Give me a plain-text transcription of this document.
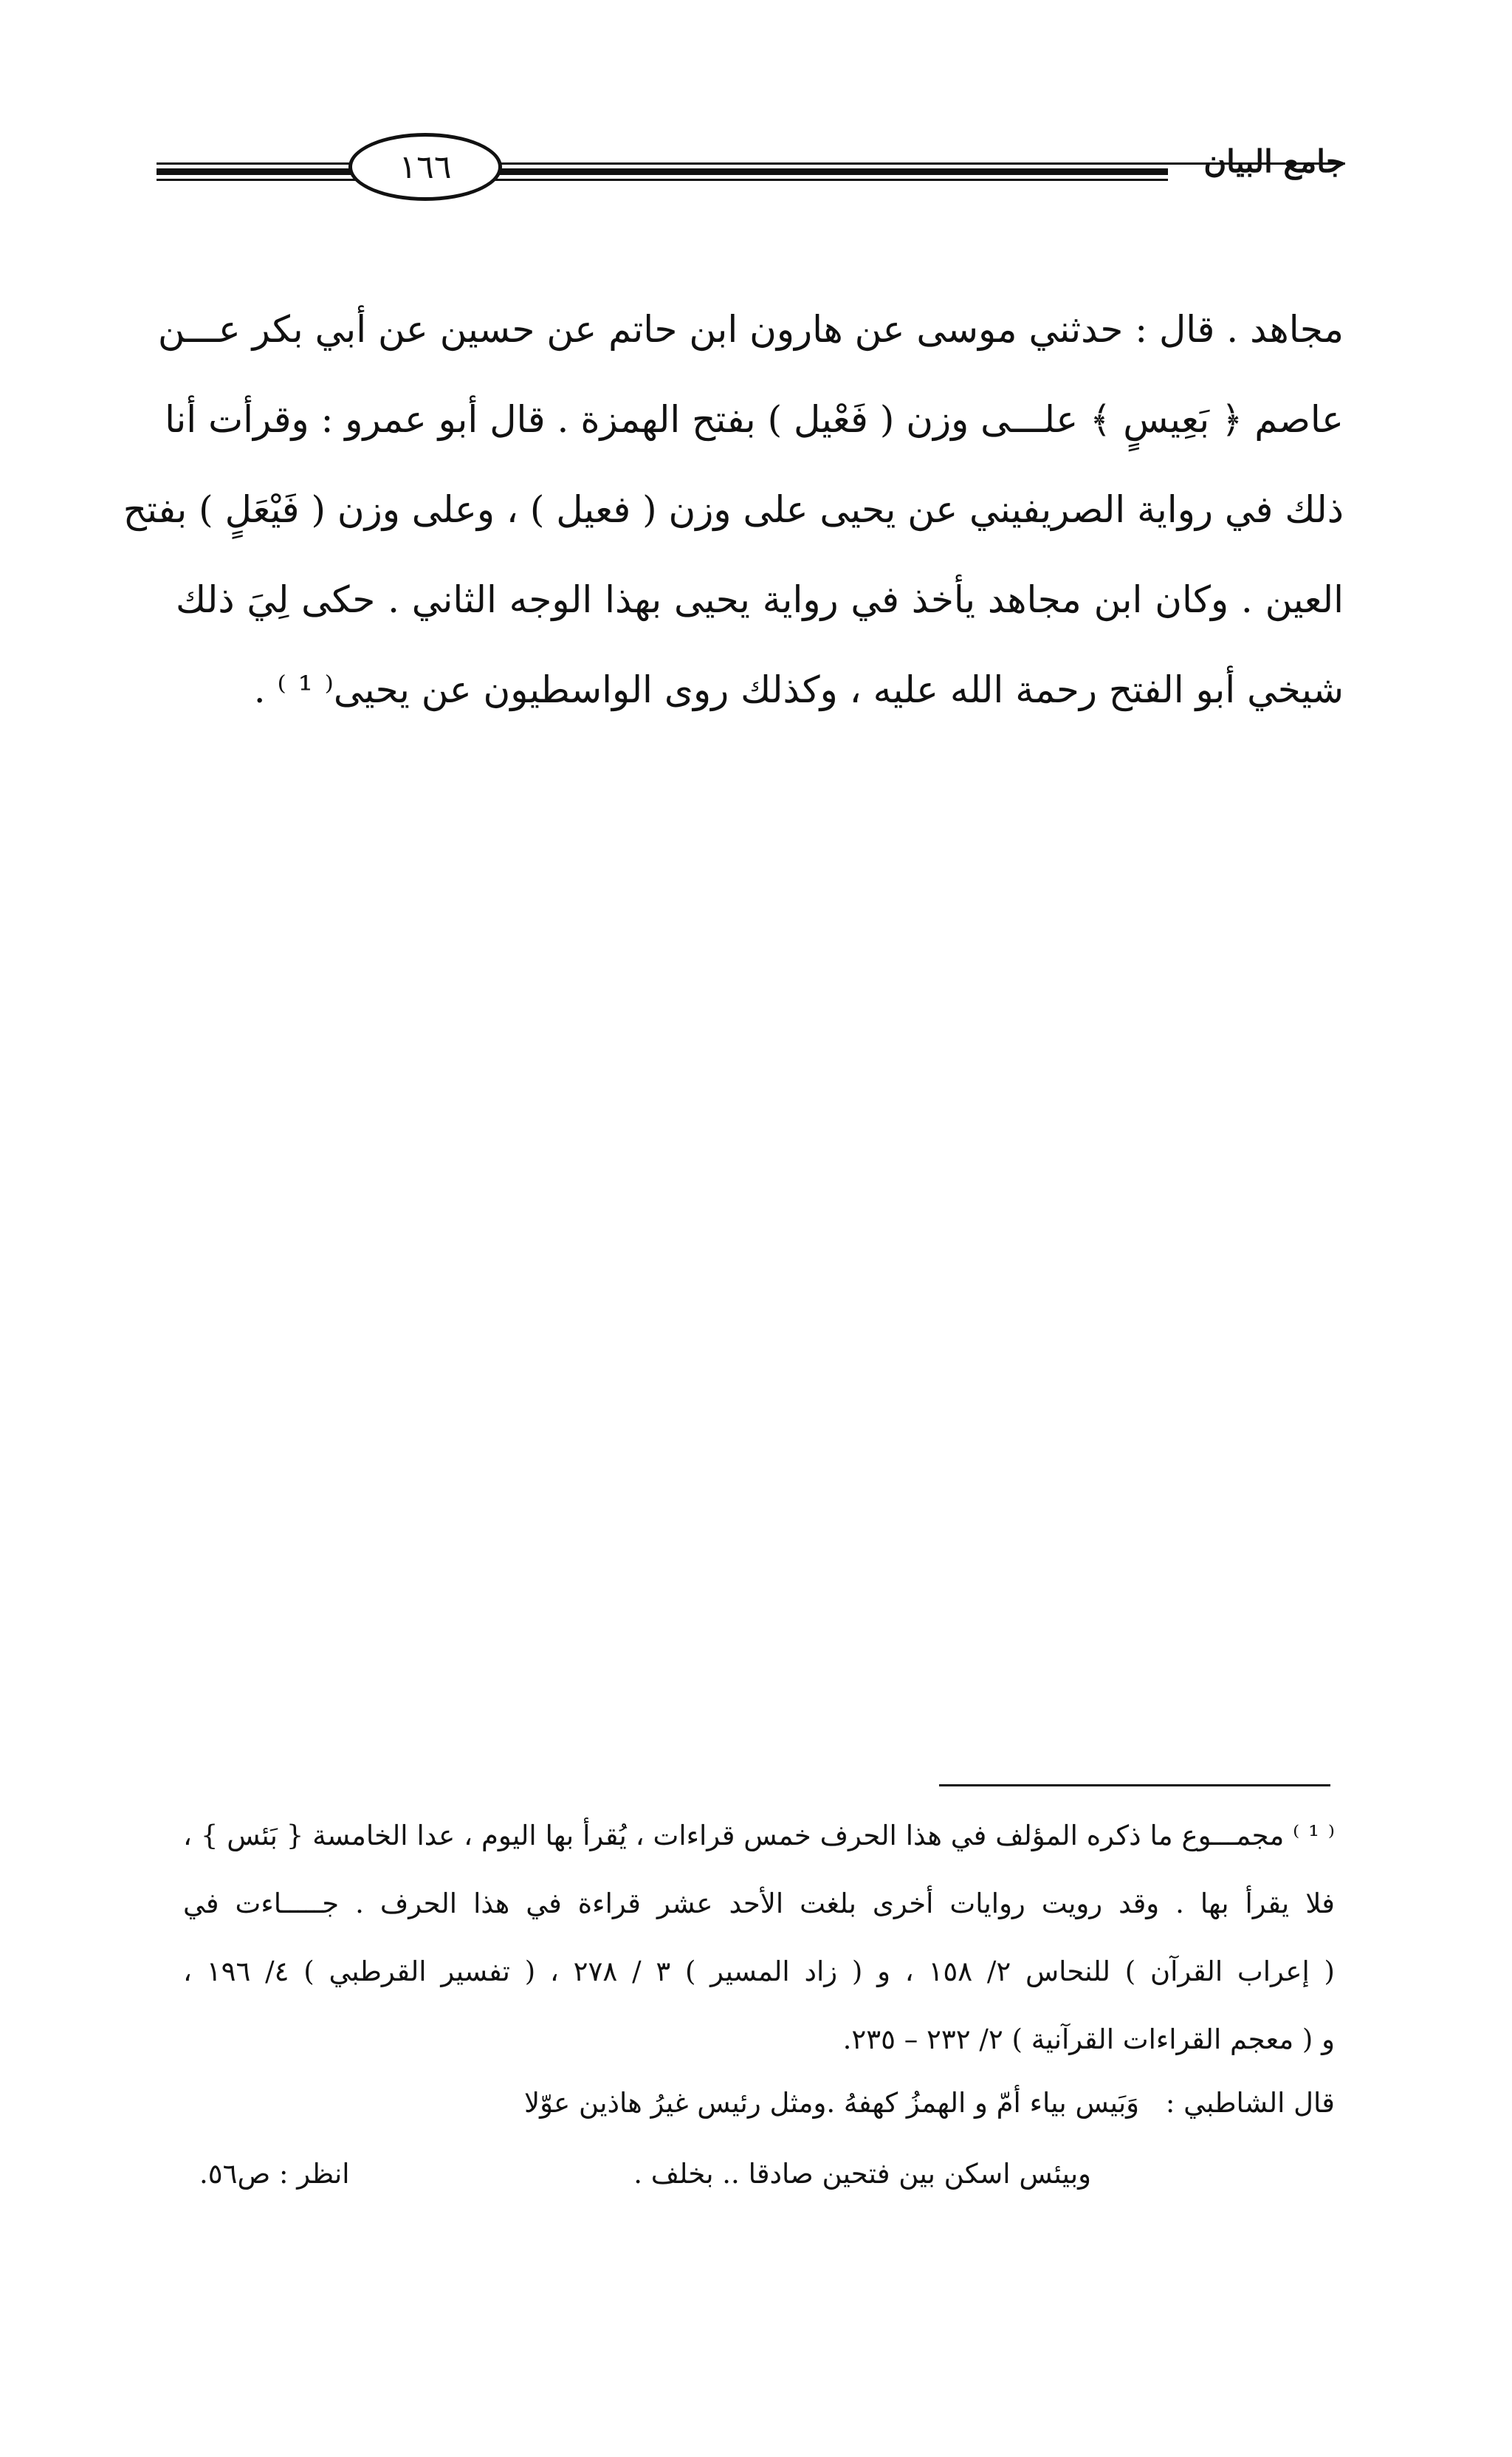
١٦٦	جامع البيان
مجاهد . قال : حدثني موسى عن هارون ابن حاتم عن حسين عن أبي بكر عـــن
عاصم ﴿ بَعِيسٍ ﴾ علـــى وزن ( فَعْيل ) بفتح الهمزة . قال أبو عمرو : وقرأت أنا
ذلك في رواية الصريفيني عن يحيى على وزن ( فعيل ) ، وعلى وزن ( فَيْعَلٍ ) بفتح
العين . وكان ابن مجاهد يأخذ في رواية يحيى بهذا الوجه الثاني . حكى لِيَ ذلك
شيخي أبو الفتح رحمة الله عليه ، وكذلك روى الواسطيون عن يحيى⁽ ¹ ⁾ .
⁽ ¹ ⁾ مجمـــوع ما ذكره المؤلف في هذا الحرف خمس قراءات ، يُقرأ بها اليوم ، عدا الخامسة { بَئس } ،
فلا يقرأ بها . وقد رويت روايات أخرى بلغت الأحد عشر قراءة في هذا الحرف . جـــــاءت في
( إعراب القرآن ) للنحاس ٢/ ١٥٨ ، و ( زاد المسير ) ٣ / ٢٧٨ ، ( تفسير القرطبي ) ٤/ ١٩٦ ،
و ( معجم القراءات القرآنية ) ٢/ ٢٣٢ – ٢٣٥.
قال الشاطبي :
وَبَيس بياء أمّ و الهمزُ كهفهُ .ومثل رئيس غيرُ هاذين عوّلا
وبيئس اسكن بين فتحين صادقا .. بخلف .
انظر : ص٥٦.
